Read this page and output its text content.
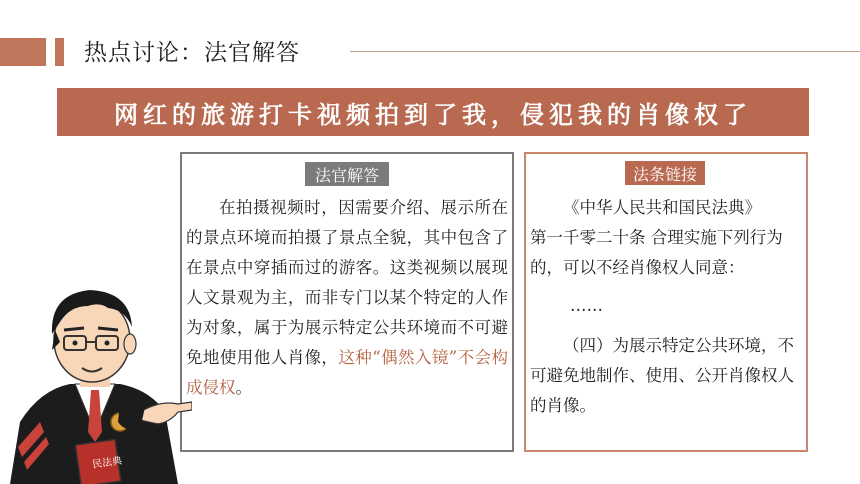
热点讨论：法官解答
网红的旅游打卡视频拍到了我，侵犯我的肖像权了
法官解答	法条链接
在拍摄视频时，因需要介绍、展示所在的景点环境而拍摄了景点全貌，其中包含了在景点中穿插而过的游客。这类视频以展现人文景观为主，而非专门以某个特定的人作为对象，属于为展示特定公共环境而不可避免地使用他人肖像，这种“偶然入镜”不会构成侵权。

《中华人民共和国民法典》

第一千零二十条 合理实施下列行为的，可以不经肖像权人同意：

……

（四）为展示特定公共环境，不可避免地制作、使用、公开肖像权人的肖像。

民法典
